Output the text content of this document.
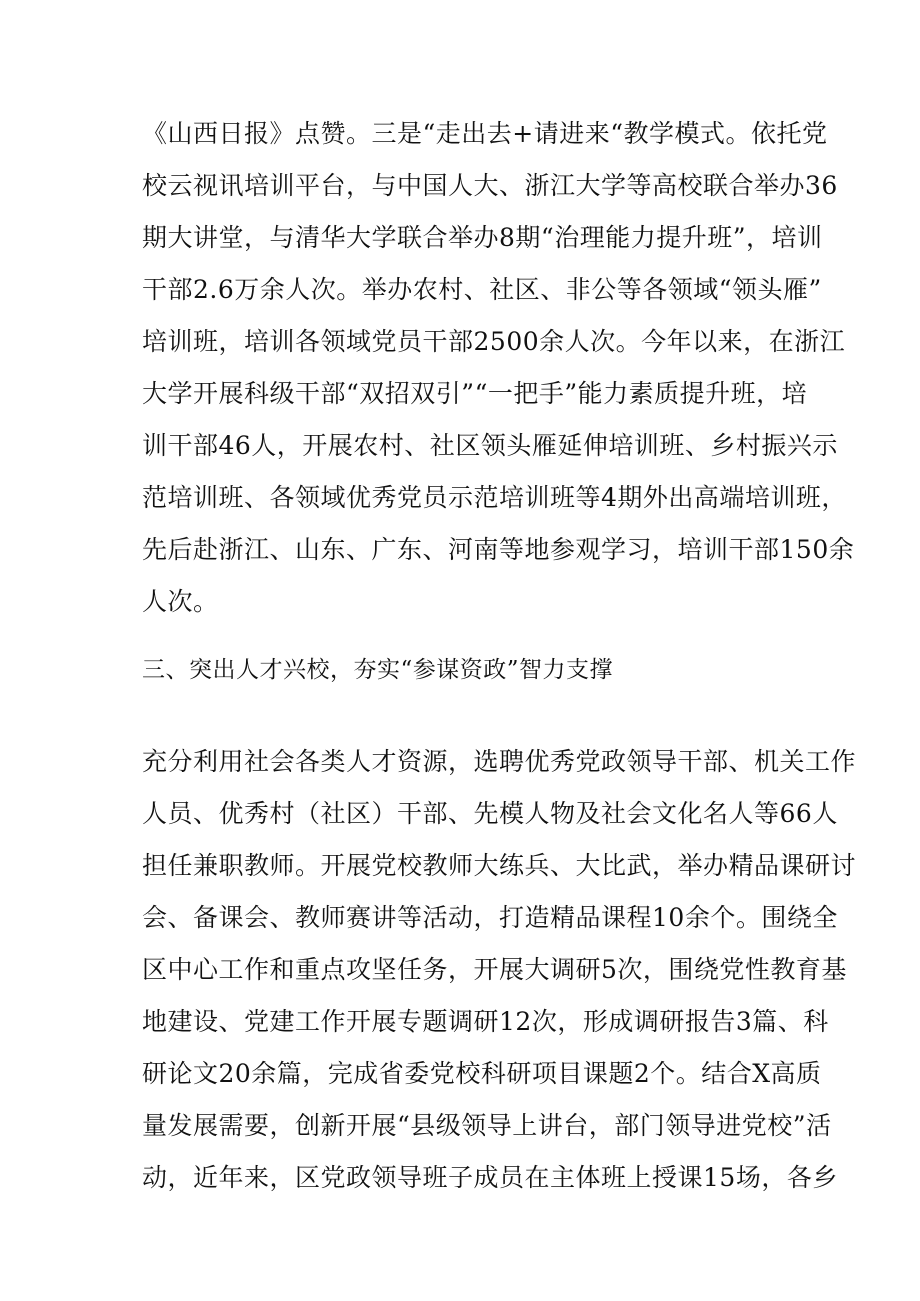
《山西日报》点赞。三是“走出去+请进来“教学模式。依托党
校云视讯培训平台，与中国人大、浙江大学等高校联合举办36
期大讲堂，与清华大学联合举办8期“治理能力提升班”，培训
干部2.6万余人次。举办农村、社区、非公等各领域“领头雁”
培训班，培训各领域党员干部2500余人次。今年以来，在浙江
大学开展科级干部“双招双引”“一把手”能力素质提升班，培
训干部46人，开展农村、社区领头雁延伸培训班、乡村振兴示
范培训班、各领域优秀党员示范培训班等4期外出高端培训班，
先后赴浙江、山东、广东、河南等地参观学习，培训干部150余
人次。
三、突出人才兴校，夯实“参谋资政”智力支撑
充分利用社会各类人才资源，选聘优秀党政领导干部、机关工作
人员、优秀村（社区）干部、先模人物及社会文化名人等66人
担任兼职教师。开展党校教师大练兵、大比武，举办精品课研讨
会、备课会、教师赛讲等活动，打造精品课程10余个。围绕全
区中心工作和重点攻坚任务，开展大调研5次，围绕党性教育基
地建设、党建工作开展专题调研12次，形成调研报告3篇、科
研论文20余篇，完成省委党校科研项目课题2个。结合X高质
量发展需要，创新开展“县级领导上讲台，部门领导进党校”活
动，近年来，区党政领导班子成员在主体班上授课15场，各乡
